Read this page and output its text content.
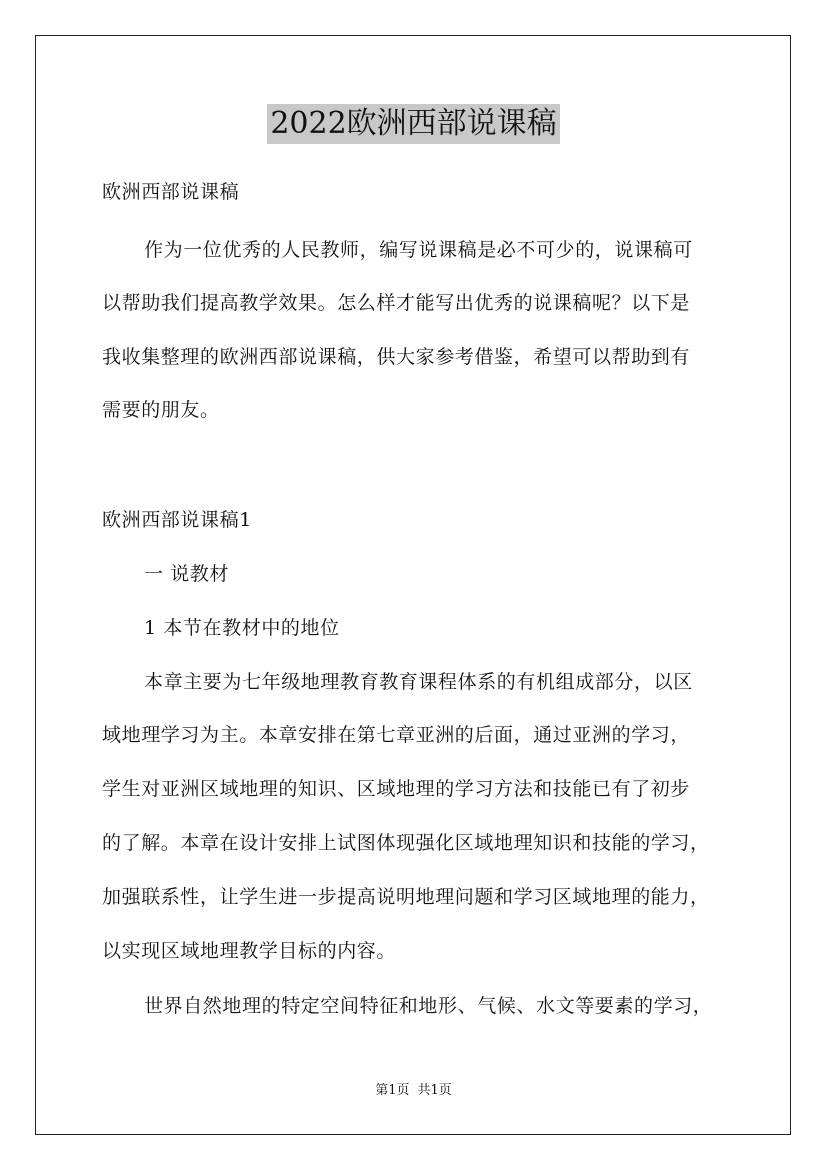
2022欧洲西部说课稿
欧洲西部说课稿
作为一位优秀的人民教师，编写说课稿是必不可少的，说课稿可
以帮助我们提高教学效果。怎么样才能写出优秀的说课稿呢？以下是
我收集整理的欧洲西部说课稿，供大家参考借鉴，希望可以帮助到有
需要的朋友。
欧洲西部说课稿1
一 说教材
1 本节在教材中的地位
本章主要为七年级地理教育教育课程体系的有机组成部分，以区
域地理学习为主。本章安排在第七章亚洲的后面，通过亚洲的学习，
学生对亚洲区域地理的知识、区域地理的学习方法和技能已有了初步
的了解。本章在设计安排上试图体现强化区域地理知识和技能的学习，
加强联系性，让学生进一步提高说明地理问题和学习区域地理的能力，
以实现区域地理教学目标的内容。
世界自然地理的特定空间特征和地形、气候、水文等要素的学习，
第1页 共1页
